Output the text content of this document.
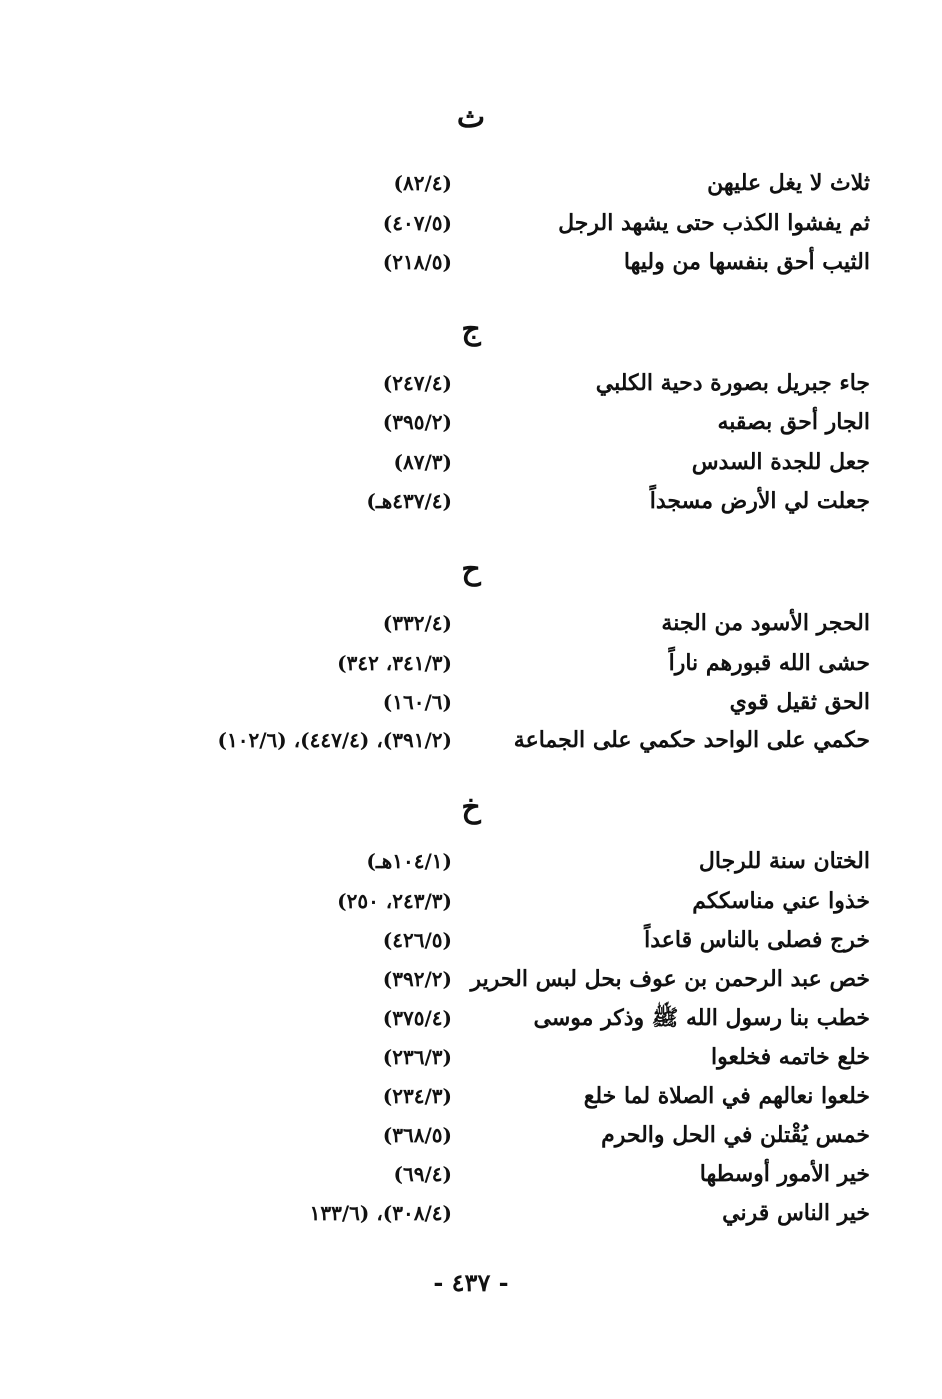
ث
ثلاث لا يغل عليهن
(٨٢/٤)
ثم يفشوا الكذب حتى يشهد الرجل
(٤٠٧/٥)
الثيب أحق بنفسها من وليها
(٢١٨/٥)
ج
جاء جبريل بصورة دحية الكلبي
(٢٤٧/٤)
الجار أحق بصقبه
(٣٩٥/٢)
جعل للجدة السدس
(٨٧/٣)
جعلت لي الأرض مسجداً
(٤٣٧/٤هـ)
ح
الحجر الأسود من الجنة
(٣٣٢/٤)
حشى الله قبورهم ناراً
(٣٤١/٣، ٣٤٢)
الحق ثقيل قوي
(١٦٠/٦)
حكمي على الواحد حكمي على الجماعة
(٣٩١/٢)، (٤٤٧/٤)، (١٠٢/٦)
خ
الختان سنة للرجال
(١٠٤/١هـ)
خذوا عني مناسككم
(٢٤٣/٣، ٢٥٠)
خرج فصلى بالناس قاعداً
(٤٢٦/٥)
خص عبد الرحمن بن عوف بحل لبس الحرير
(٣٩٢/٢)
خطب بنا رسول الله ﷺ وذكر موسى
(٣٧٥/٤)
خلع خاتمه فخلعوا
(٢٣٦/٣)
خلعوا نعالهم في الصلاة لما خلع
(٢٣٤/٣)
خمس يُقْتلن في الحل والحرم
(٣٦٨/٥)
خير الأمور أوسطها
(٦٩/٤)
خير الناس قرني
(٣٠٨/٤)، (١٣٣/٦
- ٤٣٧ -
